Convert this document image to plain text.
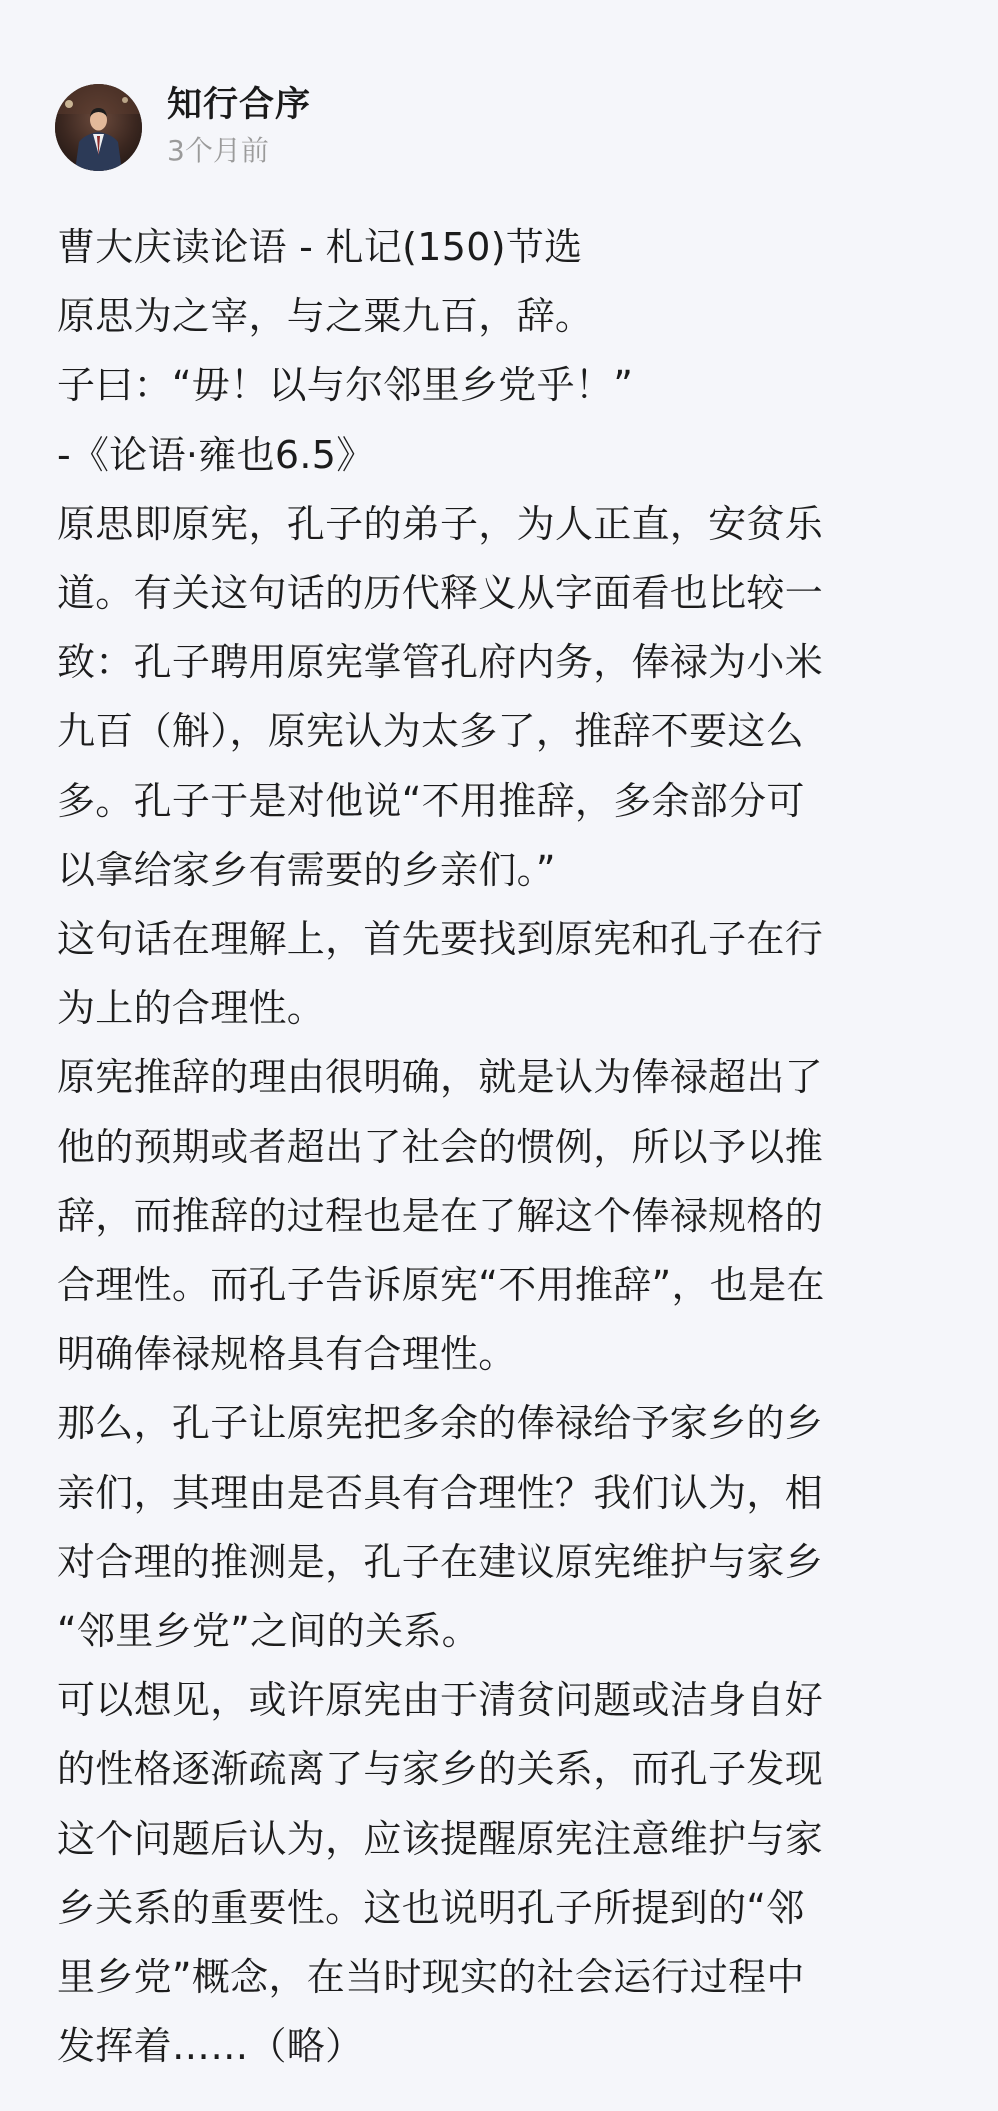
知行合序
3个月前

曹大庆读论语 - 札记(150)节选

原思为之宰，与之粟九百，辞。

子曰：“毋！以与尔邻里乡党乎！”

-《论语·雍也6.5》

原思即原宪，孔子的弟子，为人正直，安贫乐

道。有关这句话的历代释义从字面看也比较一

致：孔子聘用原宪掌管孔府内务，俸禄为小米

九百（斛），原宪认为太多了，推辞不要这么

多。孔子于是对他说“不用推辞，多余部分可

以拿给家乡有需要的乡亲们。”

这句话在理解上，首先要找到原宪和孔子在行

为上的合理性。

原宪推辞的理由很明确，就是认为俸禄超出了

他的预期或者超出了社会的惯例，所以予以推

辞，而推辞的过程也是在了解这个俸禄规格的

合理性。而孔子告诉原宪“不用推辞”，也是在

明确俸禄规格具有合理性。

那么，孔子让原宪把多余的俸禄给予家乡的乡

亲们，其理由是否具有合理性？我们认为，相

对合理的推测是，孔子在建议原宪维护与家乡

“邻里乡党”之间的关系。

可以想见，或许原宪由于清贫问题或洁身自好

的性格逐渐疏离了与家乡的关系，而孔子发现

这个问题后认为，应该提醒原宪注意维护与家

乡关系的重要性。这也说明孔子所提到的“邻

里乡党”概念，在当时现实的社会运行过程中

发挥着……（略）
